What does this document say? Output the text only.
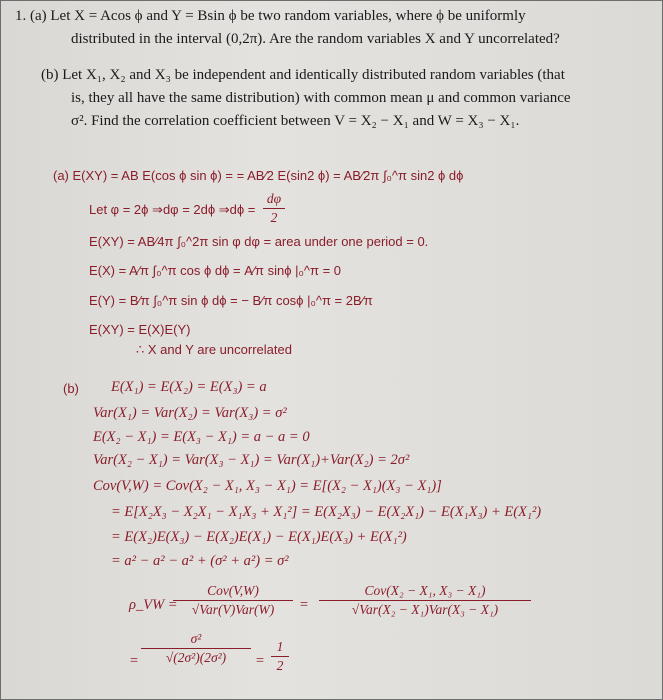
1. (a) Let X = Acos ϕ and Y = Bsin ϕ be two random variables, where ϕ be uniformly
distributed in the interval (0,2π). Are the random variables X and Y uncorrelated?
(b) Let X₁, X₂ and X₃ be independent and identically distributed random variables (that
is, they all have the same distribution) with common mean μ and common variance
σ². Find the correlation coefficient between V = X₂ − X₁ and W = X₃ − X₁.
(a) E(XY) = AB E(cos ϕ sin ϕ) = = AB⁄2 E(sin2 ϕ) = AB⁄2π ∫₀^π sin2 ϕ dϕ
Let φ = 2ϕ ⇒dφ = 2dϕ ⇒dϕ =
dφ
2
E(XY) = AB⁄4π ∫₀^2π sin φ dφ = area under one period = 0.
E(X) = A⁄π ∫₀^π cos ϕ dϕ = A⁄π sinϕ |₀^π = 0
E(Y) = B⁄π ∫₀^π sin ϕ dϕ = − B⁄π cosϕ |₀^π = 2B⁄π
E(XY) = E(X)E(Y)
∴ X and Y are uncorrelated
(b) E(X₁) = E(X₂) = E(X₃) = a
Var(X₁) = Var(X₂) = Var(X₃) = σ²
E(X₂ − X₁) = E(X₃ − X₁) = a − a = 0
Var(X₂ − X₁) = Var(X₃ − X₁) = Var(X₁)+Var(X₂) = 2σ²
Cov(V,W) = Cov(X₂ − X₁, X₃ − X₁) = E[(X₂ − X₁)(X₃ − X₁)]
= E[X₂X₃ − X₂X₁ − X₁X₃ + X₁²] = E(X₂X₃) − E(X₂X₁) − E(X₁X₃) + E(X₁²)
= E(X₂)E(X₃) − E(X₂)E(X₁) − E(X₁)E(X₃) + E(X₁²)
= a² − a² − a² + (σ² + a²) = σ²
ρ_VW =
Cov(V,W)
√Var(V)Var(W)	=
Cov(X₂ − X₁, X₃ − X₁)
√Var(X₂ − X₁)Var(X₃ − X₁)
=
σ²
√(2σ²)(2σ²)	=
1
2
